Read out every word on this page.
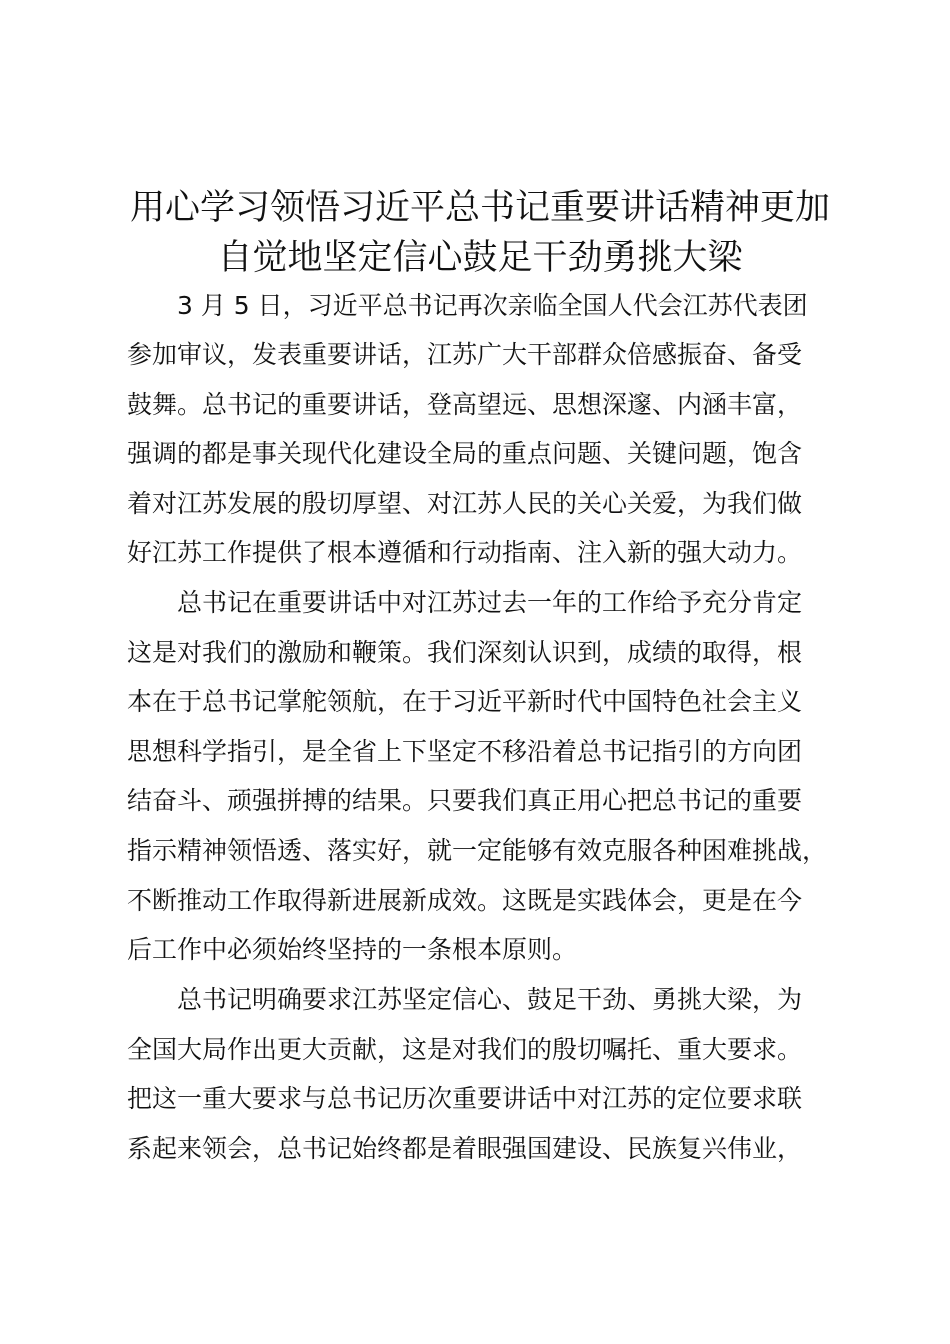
用心学习领悟习近平总书记重要讲话精神更加
自觉地坚定信心鼓足干劲勇挑大梁

3 月 5 日，习近平总书记再次亲临全国人代会江苏代表团

参加审议，发表重要讲话，江苏广大干部群众倍感振奋、备受

鼓舞。总书记的重要讲话，登高望远、思想深邃、内涵丰富，

强调的都是事关现代化建设全局的重点问题、关键问题，饱含

着对江苏发展的殷切厚望、对江苏人民的关心关爱，为我们做

好江苏工作提供了根本遵循和行动指南、注入新的强大动力。

总书记在重要讲话中对江苏过去一年的工作给予充分肯定

这是对我们的激励和鞭策。我们深刻认识到，成绩的取得，根

本在于总书记掌舵领航，在于习近平新时代中国特色社会主义

思想科学指引，是全省上下坚定不移沿着总书记指引的方向团

结奋斗、顽强拼搏的结果。只要我们真正用心把总书记的重要

指示精神领悟透、落实好，就一定能够有效克服各种困难挑战，

不断推动工作取得新进展新成效。这既是实践体会，更是在今

后工作中必须始终坚持的一条根本原则。

总书记明确要求江苏坚定信心、鼓足干劲、勇挑大梁，为

全国大局作出更大贡献，这是对我们的殷切嘱托、重大要求。

把这一重大要求与总书记历次重要讲话中对江苏的定位要求联

系起来领会，总书记始终都是着眼强国建设、民族复兴伟业，
